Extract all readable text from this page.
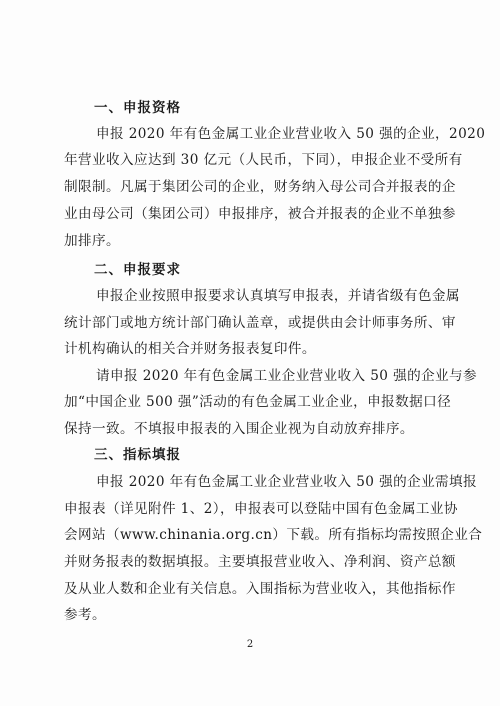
一、申报资格

申报 2020 年有色金属工业企业营业收入 50 强的企业，2020

年营业收入应达到 30 亿元（人民币，下同），申报企业不受所有

制限制。凡属于集团公司的企业，财务纳入母公司合并报表的企

业由母公司（集团公司）申报排序，被合并报表的企业不单独参

加排序。

二、申报要求

申报企业按照申报要求认真填写申报表，并请省级有色金属

统计部门或地方统计部门确认盖章，或提供由会计师事务所、审

计机构确认的相关合并财务报表复印件。

请申报 2020 年有色金属工业企业营业收入 50 强的企业与参

加“中国企业 500 强”活动的有色金属工业企业，申报数据口径

保持一致。不填报申报表的入围企业视为自动放弃排序。

三、指标填报

申报 2020 年有色金属工业企业营业收入 50 强的企业需填报

申报表（详见附件 1、2），申报表可以登陆中国有色金属工业协

会网站（www.chinania.org.cn）下载。所有指标均需按照企业合

并财务报表的数据填报。主要填报营业收入、净利润、资产总额

及从业人数和企业有关信息。入围指标为营业收入，其他指标作

参考。

2
